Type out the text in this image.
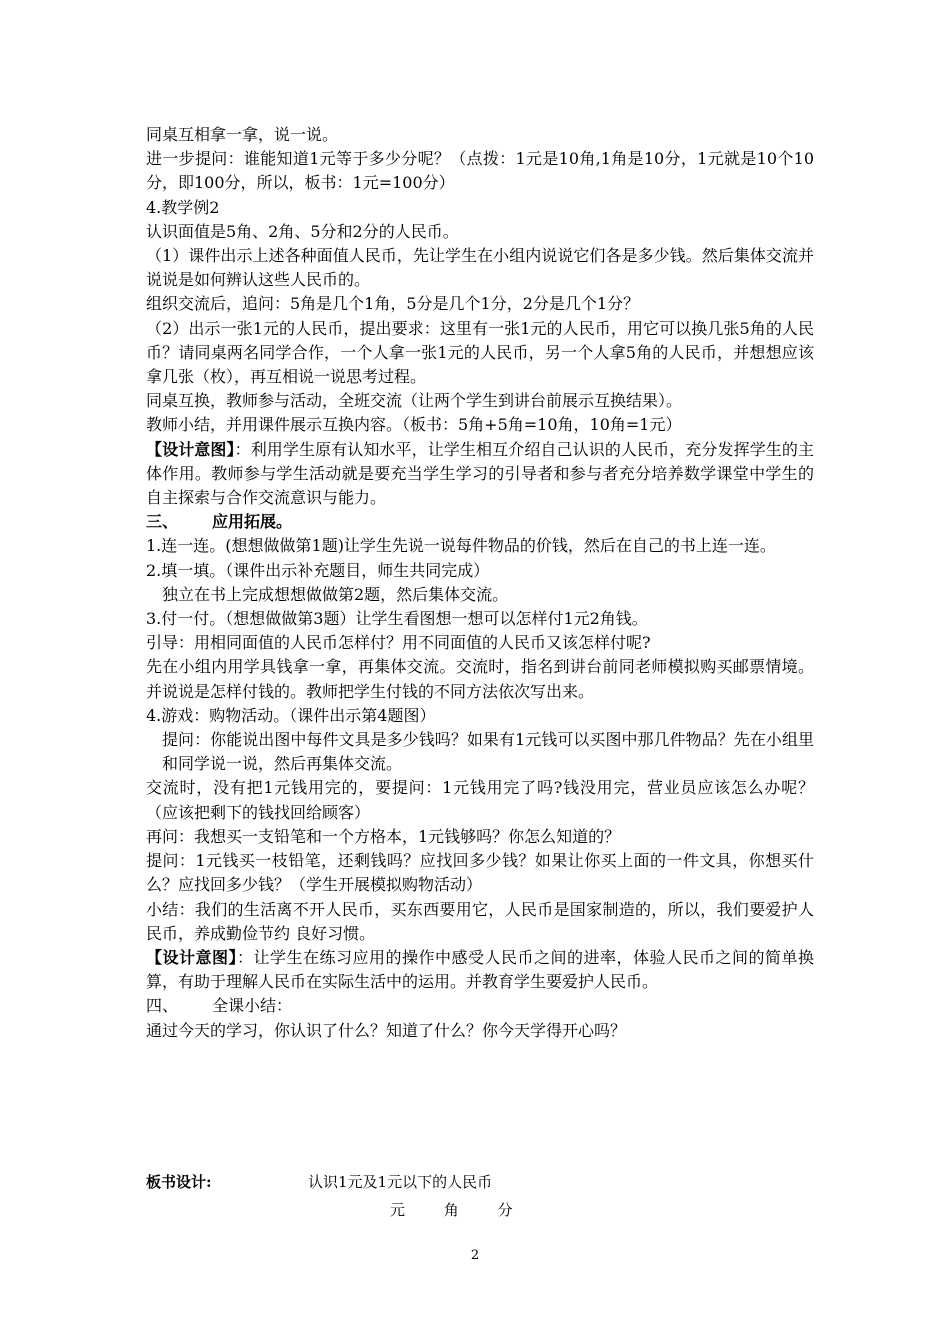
同桌互相拿一拿，说一说。

进一步提问：谁能知道1元等于多少分呢？（点拨：1元是10角,1角是10分，1元就是10个10分，即100分，所以，板书：1元=100分）

4.教学例2

认识面值是5角、2角、5分和2分的人民币。

（1）课件出示上述各种面值人民币，先让学生在小组内说说它们各是多少钱。然后集体交流并说说是如何辨认这些人民币的。

组织交流后，追问：5角是几个1角，5分是几个1分，2分是几个1分？

（2）出示一张1元的人民币，提出要求：这里有一张1元的人民币，用它可以换几张5角的人民币？请同桌两名同学合作，一个人拿一张1元的人民币，另一个人拿5角的人民币，并想想应该拿几张（枚），再互相说一说思考过程。

同桌互换，教师参与活动，全班交流（让两个学生到讲台前展示互换结果）。

教师小结，并用课件展示互换内容。（板书：5角+5角=10角，10角=1元）

【设计意图】：利用学生原有认知水平，让学生相互介绍自己认识的人民币，充分发挥学生的主体作用。教师参与学生活动就是要充当学生学习的引导者和参与者充分培养数学课堂中学生的自主探索与合作交流意识与能力。

三、 应用拓展。

1.连一连。(想想做做第1题)让学生先说一说每件物品的价钱，然后在自己的书上连一连。

2.填一填。（课件出示补充题目，师生共同完成）

独立在书上完成想想做做第2题，然后集体交流。

3.付一付。（想想做做第3题）让学生看图想一想可以怎样付1元2角钱。

引导：用相同面值的人民币怎样付？用不同面值的人民币又该怎样付呢?

先在小组内用学具钱拿一拿，再集体交流。交流时，指名到讲台前同老师模拟购买邮票情境。并说说是怎样付钱的。教师把学生付钱的不同方法依次写出来。

4.游戏：购物活动。（课件出示第4题图）

提问：你能说出图中每件文具是多少钱吗？如果有1元钱可以买图中那几件物品？先在小组里和同学说一说，然后再集体交流。

交流时，没有把1元钱用完的，要提问：1元钱用完了吗?钱没用完，营业员应该怎么办呢？（应该把剩下的钱找回给顾客）

再问：我想买一支铅笔和一个方格本，1元钱够吗？你怎么知道的？

提问：1元钱买一枝铅笔，还剩钱吗？应找回多少钱？如果让你买上面的一件文具，你想买什么？应找回多少钱？（学生开展模拟购物活动）

小结：我们的生活离不开人民币，买东西要用它，人民币是国家制造的，所以，我们要爱护人民币，养成勤俭节约 良好习惯。

【设计意图】：让学生在练习应用的操作中感受人民币之间的进率，体验人民币之间的简单换算，有助于理解人民币在实际生活中的运用。并教育学生要爱护人民币。

四、 全课小结：

通过今天的学习，你认识了什么？知道了什么？你今天学得开心吗？

板书设计:	认识1元及1元以下的人民币
元	角	分
2
